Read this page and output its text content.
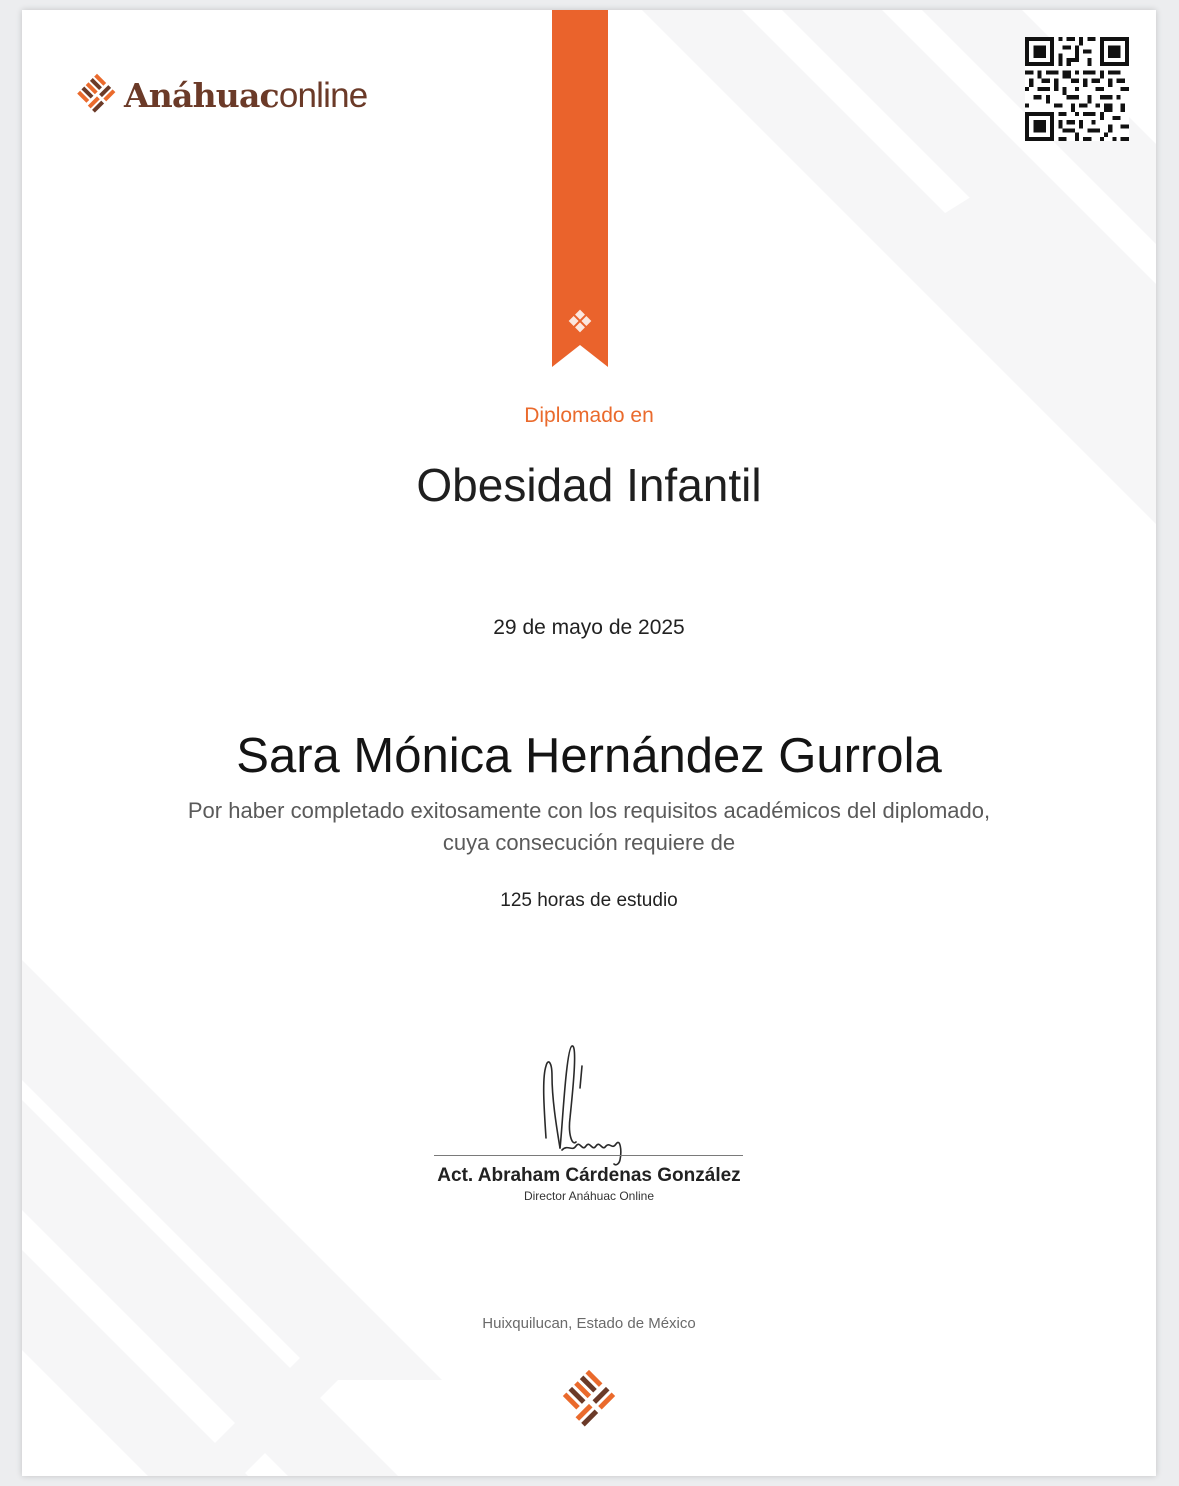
Anáhuaconline
Diplomado en
Obesidad Infantil
29 de mayo de 2025
Sara Mónica Hernández Gurrola
Por haber completado exitosamente con los requisitos académicos del diplomado,
cuya consecución requiere de
125 horas de estudio
Act. Abraham Cárdenas González
Director Anáhuac Online
Huixquilucan, Estado de México
